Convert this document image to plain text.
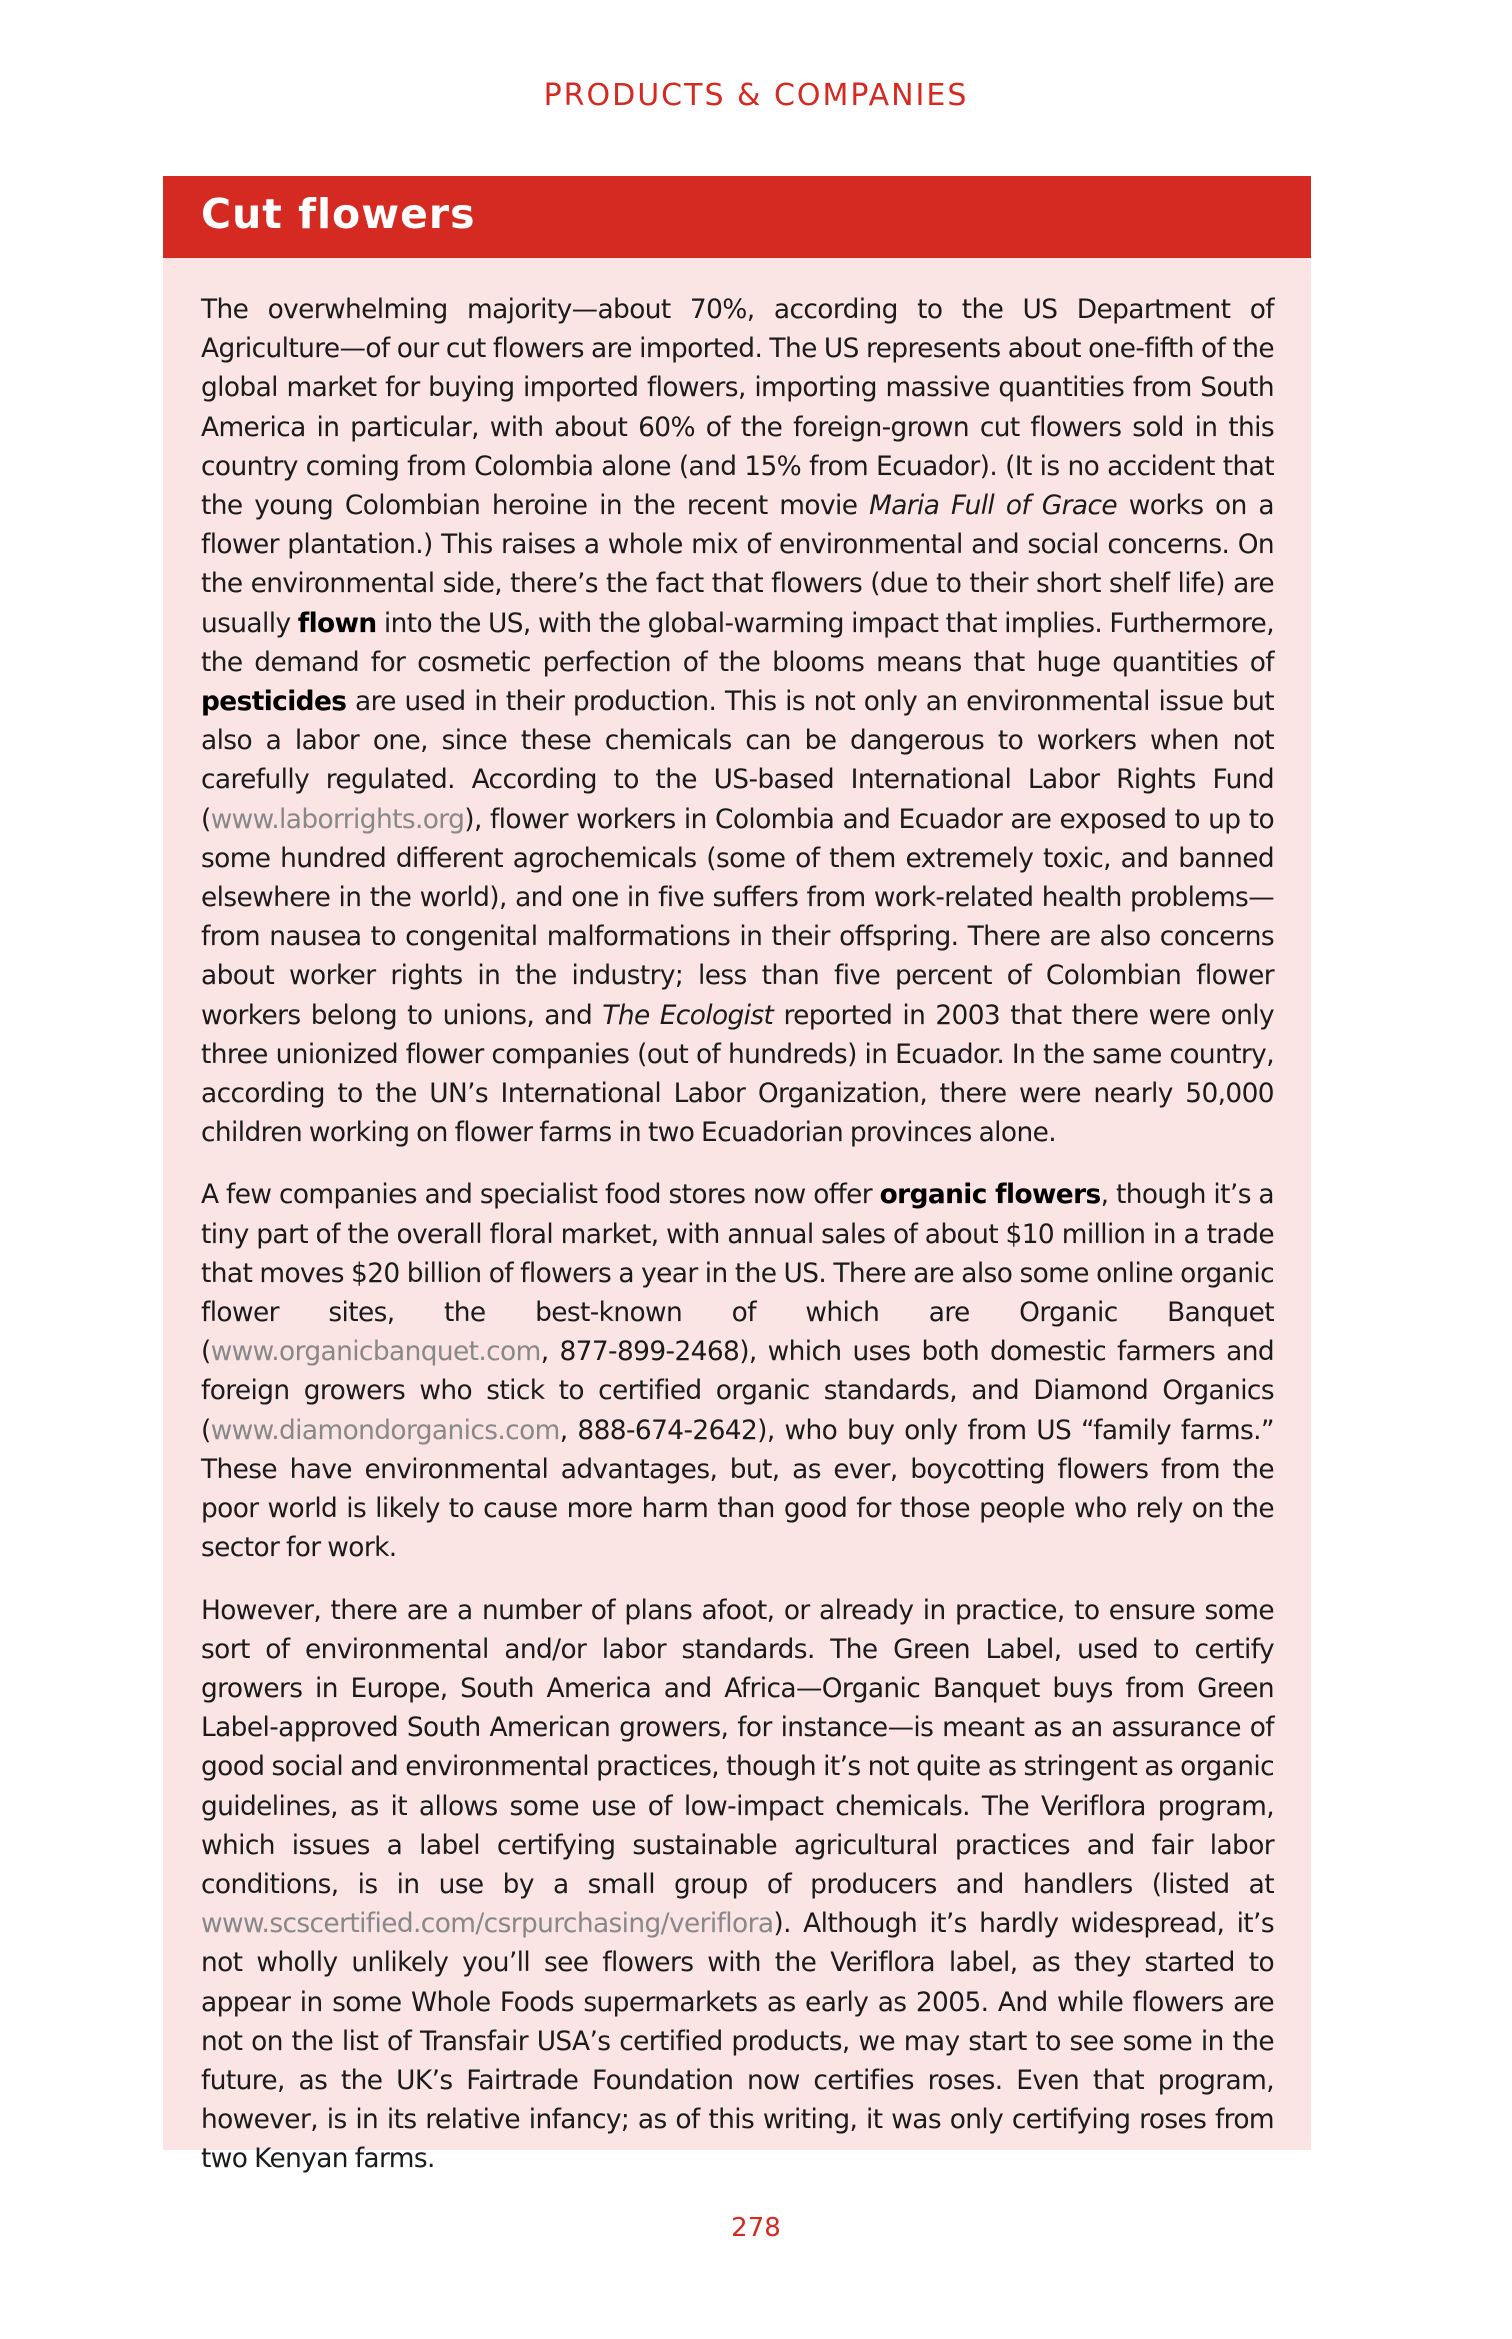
PRODUCTS & COMPANIES
Cut flowers

The overwhelming majority—about 70%, according to the US Department of Agriculture—of our cut flowers are imported. The US represents about one-fifth of the global market for buying imported flowers, importing massive quantities from South America in particular, with about 60% of the foreign-grown cut flowers sold in this country coming from Colombia alone (and 15% from Ecuador). (It is no accident that the young Colombian heroine in the recent movie Maria Full of Grace works on a flower plantation.) This raises a whole mix of environmental and social concerns. On the environmental side, there’s the fact that flowers (due to their short shelf life) are usually flown into the US, with the global-warming impact that implies. Furthermore, the demand for cosmetic perfection of the blooms means that huge quantities of pesticides are used in their production. This is not only an environmental issue but also a labor one, since these chemicals can be dangerous to workers when not carefully regulated. According to the US-based International Labor Rights Fund (www.laborrights.org), flower workers in Colombia and Ecuador are exposed to up to some hundred different agrochemicals (some of them extremely toxic, and banned elsewhere in the world), and one in five suffers from work-related health problems—from nausea to congenital malformations in their offspring. There are also concerns about worker rights in the industry; less than five percent of Colombian flower workers belong to unions, and The Ecologist reported in 2003 that there were only three unionized flower companies (out of hundreds) in Ecuador. In the same country, according to the UN’s International Labor Organization, there were nearly 50,000 children working on flower farms in two Ecuadorian provinces alone.

A few companies and specialist food stores now offer organic flowers, though it’s a tiny part of the overall floral market, with annual sales of about $10 million in a trade that moves $20 billion of flowers a year in the US. There are also some online organic flower sites, the best-known of which are Organic Banquet (www.organicbanquet.com, 877-899-2468), which uses both domestic farmers and foreign growers who stick to certified organic standards, and Diamond Organics (www.diamondorganics.com, 888-674-2642), who buy only from US “family farms.” These have environmental advantages, but, as ever, boycotting flowers from the poor world is likely to cause more harm than good for those people who rely on the sector for work.

However, there are a number of plans afoot, or already in practice, to ensure some sort of environmental and/or labor standards. The Green Label, used to certify growers in Europe, South America and Africa—Organic Banquet buys from Green Label-approved South American growers, for instance—is meant as an assurance of good social and environmental practices, though it’s not quite as stringent as organic guidelines, as it allows some use of low-impact chemicals. The Veriflora program, which issues a label certifying sustainable agricultural practices and fair labor conditions, is in use by a small group of producers and handlers (listed at www.scscertified.com/csrpurchasing/veriflora). Although it’s hardly widespread, it’s not wholly unlikely you’ll see flowers with the Veriflora label, as they started to appear in some Whole Foods supermarkets as early as 2005. And while flowers are not on the list of Transfair USA’s certified products, we may start to see some in the future, as the UK’s Fairtrade Foundation now certifies roses. Even that program, however, is in its relative infancy; as of this writing, it was only certifying roses from two Kenyan farms.

278
